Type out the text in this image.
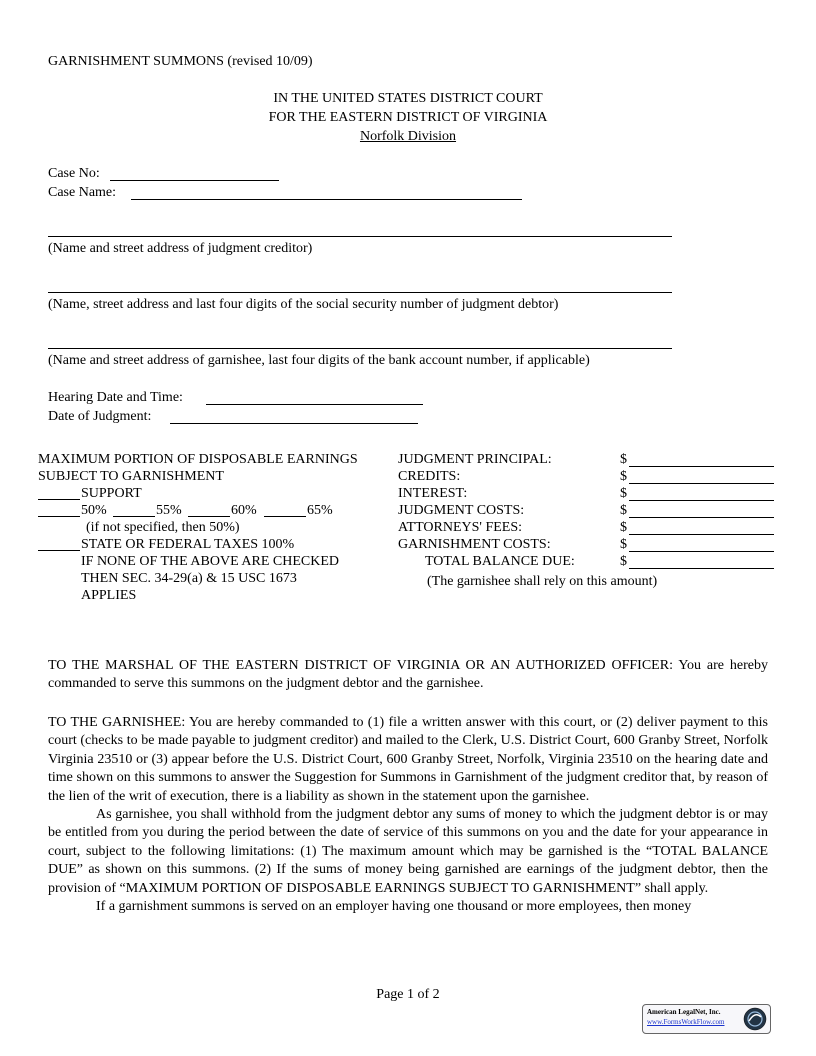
GARNISHMENT SUMMONS (revised 10/09)
IN THE UNITED STATES DISTRICT COURT
FOR THE EASTERN DISTRICT OF VIRGINIA
Norfolk Division
Case No:
Case Name:
(Name and street address of judgment creditor)
(Name, street address and last four digits of the social security number of judgment debtor)
(Name and street address of garnishee, last four digits of the bank account number, if applicable)
Hearing Date and Time:
Date of Judgment:
MAXIMUM PORTION OF DISPOSABLE EARNINGS
SUBJECT TO GARNISHMENT
SUPPORT
50%	55%	60%	65%
(if not specified, then 50%)
STATE OR FEDERAL TAXES 100%
IF NONE OF THE ABOVE ARE CHECKED
THEN SEC. 34-29(a) & 15 USC 1673
APPLIES
JUDGMENT PRINCIPAL:	$
CREDITS:	$
INTEREST:	$
JUDGMENT COSTS:	$
ATTORNEYS' FEES:	$
GARNISHMENT COSTS:	$
TOTAL BALANCE DUE:	$
(The garnishee shall rely on this amount)

TO THE MARSHAL OF THE EASTERN DISTRICT OF VIRGINIA OR AN AUTHORIZED OFFICER: You are hereby commanded to serve this summons on the judgment debtor and the garnishee.

TO THE GARNISHEE: You are hereby commanded to (1) file a written answer with this court, or (2) deliver payment to this court (checks to be made payable to judgment creditor) and mailed to the Clerk, U.S. District Court, 600 Granby Street, Norfolk Virginia 23510 or (3) appear before the U.S. District Court, 600 Granby Street, Norfolk, Virginia 23510 on the hearing date and time shown on this summons to answer the Suggestion for Summons in Garnishment of the judgment creditor that, by reason of the lien of the writ of execution, there is a liability as shown in the statement upon the garnishee.

As garnishee, you shall withhold from the judgment debtor any sums of money to which the judgment debtor is or may be entitled from you during the period between the date of service of this summons on you and the date for your appearance in court, subject to the following limitations: (1) The maximum amount which may be garnished is the “TOTAL BALANCE DUE” as shown on this summons. (2) If the sums of money being garnished are earnings of the judgment debtor, then the provision of “MAXIMUM PORTION OF DISPOSABLE EARNINGS SUBJECT TO GARNISHMENT” shall apply.

If a garnishment summons is served on an employer having one thousand or more employees, then money

Page 1 of 2
American LegalNet, Inc.
www.FormsWorkFlow.com
